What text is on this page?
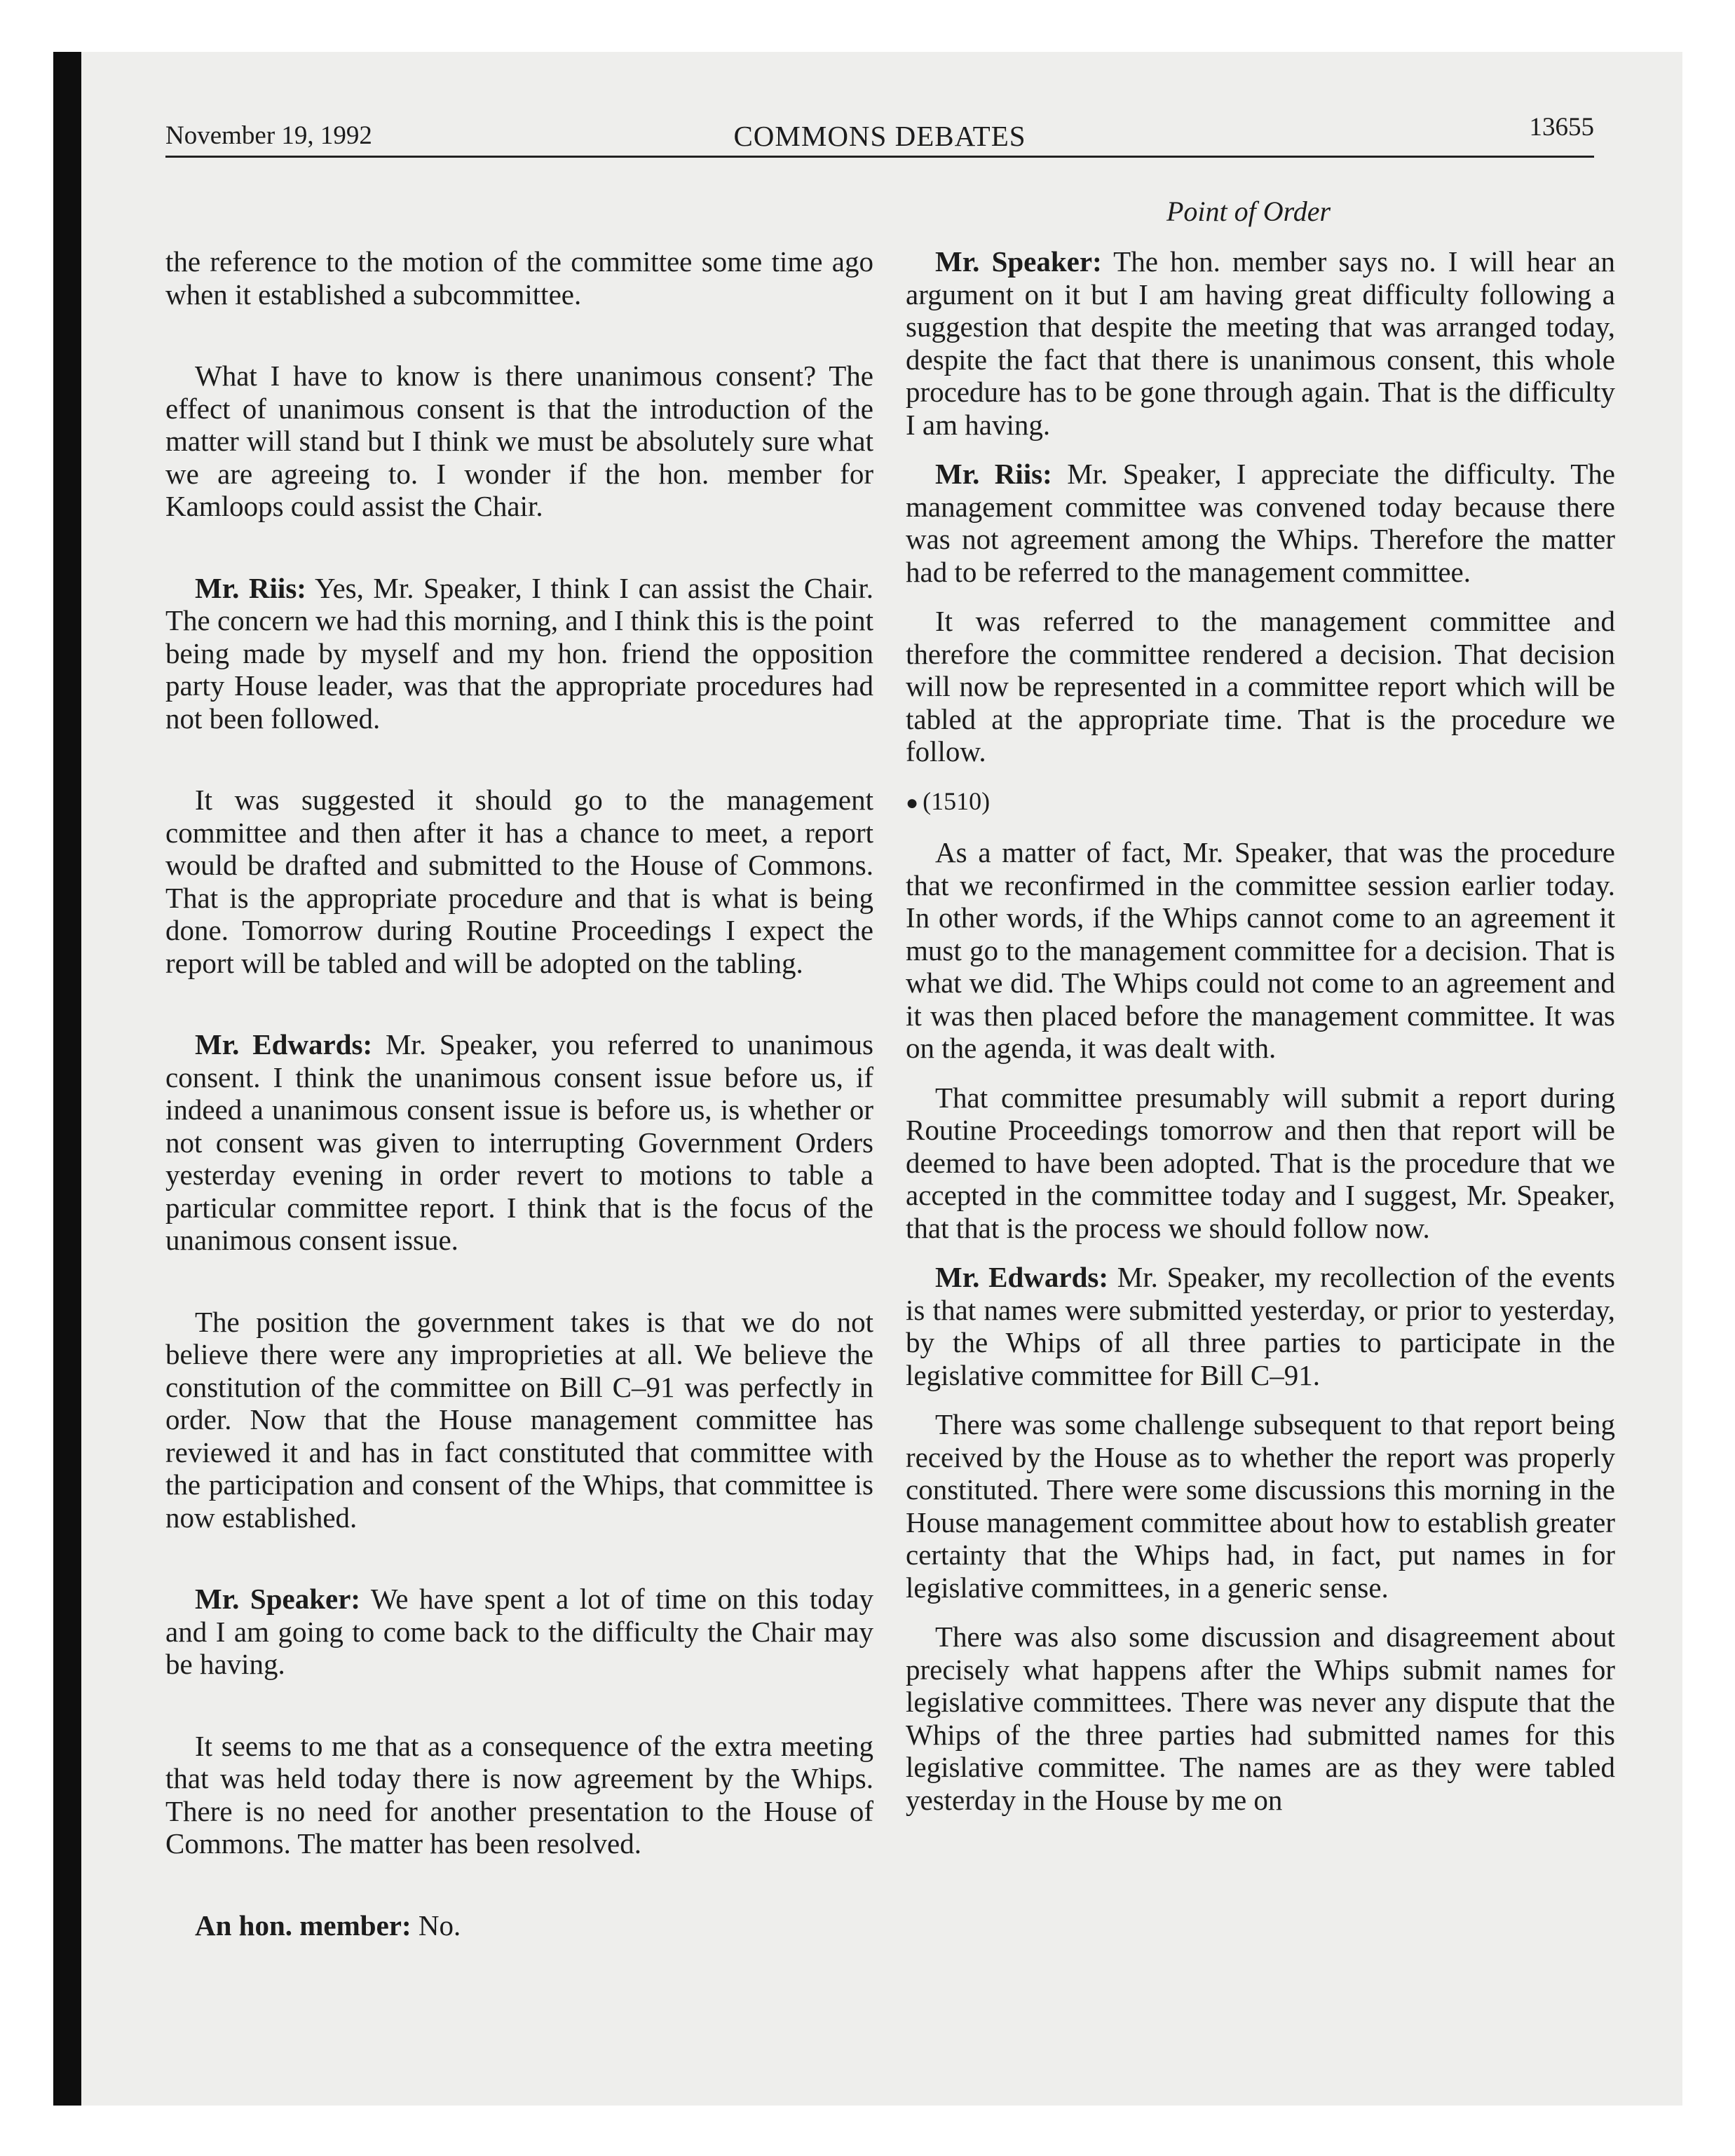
November 19, 1992	COMMONS DEBATES	13655
Point of Order

the reference to the motion of the committee some time ago when it established a subcommittee.

What I have to know is there unanimous consent? The effect of unanimous consent is that the introduction of the matter will stand but I think we must be absolutely sure what we are agreeing to. I wonder if the hon. member for Kamloops could assist the Chair.

Mr. Riis: Yes, Mr. Speaker, I think I can assist the Chair. The concern we had this morning, and I think this is the point being made by myself and my hon. friend the opposition party House leader, was that the appropriate procedures had not been followed.

It was suggested it should go to the management committee and then after it has a chance to meet, a report would be drafted and submitted to the House of Commons. That is the appropriate procedure and that is what is being done. Tomorrow during Routine Proceedings I expect the report will be tabled and will be adopted on the tabling.

Mr. Edwards: Mr. Speaker, you referred to unanimous consent. I think the unanimous consent issue before us, if indeed a unanimous consent issue is before us, is whether or not consent was given to interrupting Government Orders yesterday evening in order revert to motions to table a particular committee report. I think that is the focus of the unanimous consent issue.

The position the government takes is that we do not believe there were any improprieties at all. We believe the constitution of the committee on Bill C–91 was perfectly in order. Now that the House management committee has reviewed it and has in fact constituted that committee with the participation and consent of the Whips, that committee is now established.

Mr. Speaker: We have spent a lot of time on this today and I am going to come back to the difficulty the Chair may be having.

It seems to me that as a consequence of the extra meeting that was held today there is now agreement by the Whips. There is no need for another presentation to the House of Commons. The matter has been resolved.

An hon. member: No.

Mr. Speaker: The hon. member says no. I will hear an argument on it but I am having great difficulty following a suggestion that despite the meeting that was arranged today, despite the fact that there is unanimous consent, this whole procedure has to be gone through again. That is the difficulty I am having.

Mr. Riis: Mr. Speaker, I appreciate the difficulty. The management committee was convened today because there was not agreement among the Whips. Therefore the matter had to be referred to the management committee.

It was referred to the management committee and therefore the committee rendered a decision. That decision will now be represented in a committee report which will be tabled at the appropriate time. That is the procedure we follow.

● (1510)

As a matter of fact, Mr. Speaker, that was the procedure that we reconfirmed in the committee session earlier today. In other words, if the Whips cannot come to an agreement it must go to the management committee for a decision. That is what we did. The Whips could not come to an agreement and it was then placed before the management committee. It was on the agenda, it was dealt with.

That committee presumably will submit a report during Routine Proceedings tomorrow and then that report will be deemed to have been adopted. That is the procedure that we accepted in the committee today and I suggest, Mr. Speaker, that that is the process we should follow now.

Mr. Edwards: Mr. Speaker, my recollection of the events is that names were submitted yesterday, or prior to yesterday, by the Whips of all three parties to participate in the legislative committee for Bill C–91.

There was some challenge subsequent to that report being received by the House as to whether the report was properly constituted. There were some discussions this morning in the House management committee about how to establish greater certainty that the Whips had, in fact, put names in for legislative committees, in a generic sense.

There was also some discussion and disagreement about precisely what happens after the Whips submit names for legislative committees. There was never any dispute that the Whips of the three parties had submitted names for this legislative committee. The names are as they were tabled yesterday in the House by me on
